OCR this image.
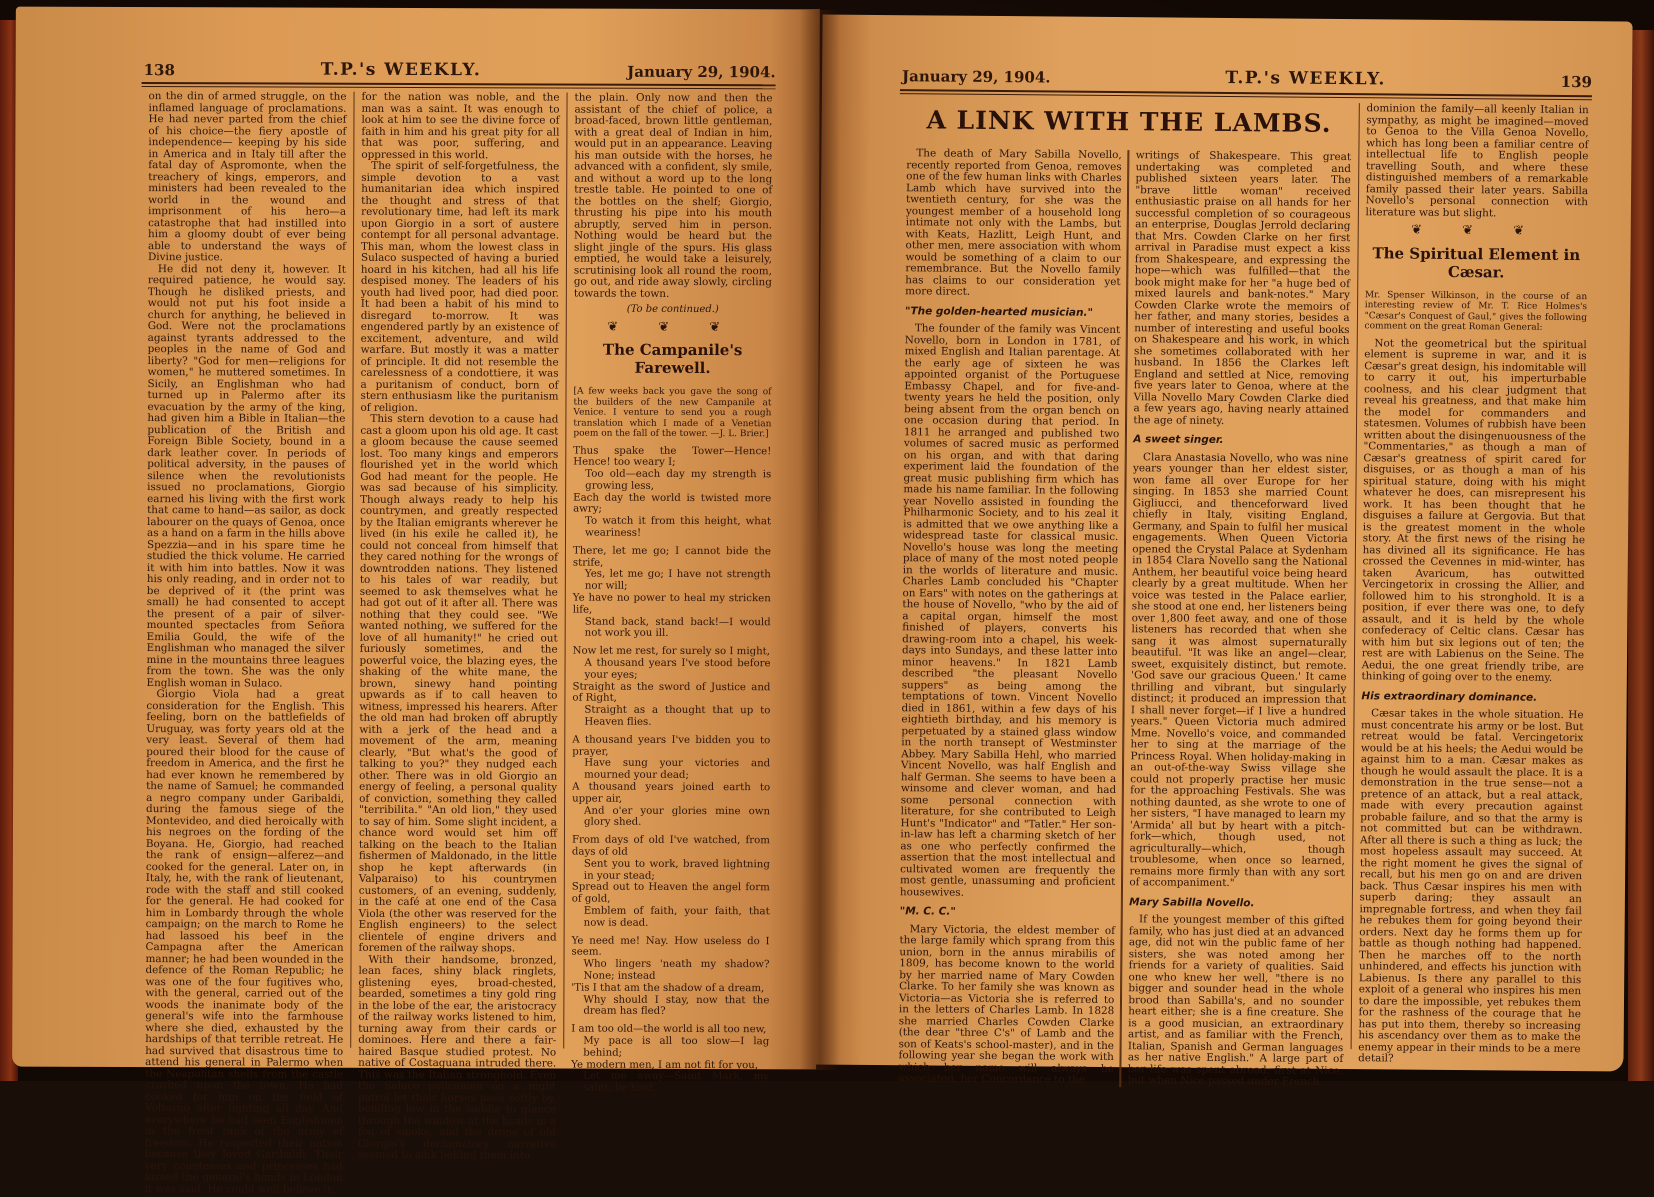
138	T.P.'s WEEKLY.	January 29, 1904.

on the din of armed struggle, on the inflamed language of proclamations. He had never parted from the chief of his choice—the fiery apostle of independence— keeping by his side in America and in Italy till after the fatal day of Aspromonte, when the treachery of kings, emperors, and ministers had been revealed to the world in the wound and imprisonment of his hero—a catastrophe that had instilled into him a gloomy doubt of ever being able to understand the ways of Divine justice.

He did not deny it, however. It required patience, he would say. Though he disliked priests, and would not put his foot inside a church for anything, he believed in God. Were not the proclamations against tyrants addressed to the peoples in the name of God and liberty? "God for men—religions for women," he muttered sometimes. In Sicily, an Englishman who had turned up in Palermo after its evacuation by the army of the king, had given him a Bible in Italian—the publication of the British and Foreign Bible Society, bound in a dark leather cover. In periods of political adversity, in the pauses of silence when the revolutionists issued no proclamations, Giorgio earned his living with the first work that came to hand—as sailor, as dock labourer on the quays of Genoa, once as a hand on a farm in the hills above Spezzia—and in his spare time he studied the thick volume. He carried it with him into battles. Now it was his only reading, and in order not to be deprived of it (the print was small) he had consented to accept the present of a pair of silver-mounted spectacles from Señora Emilia Gould, the wife of the Englishman who managed the silver mine in the mountains three leagues from the town. She was the only English woman in Sulaco.

Giorgio Viola had a great consideration for the English. This feeling, born on the battlefields of Uruguay, was forty years old at the very least. Several of them had poured their blood for the cause of freedom in America, and the first he had ever known he remembered by the name of Samuel; he commanded a negro company under Garibaldi, during the famous siege of the Montevideo, and died heroically with his negroes on the fording of the Boyana. He, Giorgio, had reached the rank of ensign—alferez—and cooked for the general. Later on, in Italy, he, with the rank of lieutenant, rode with the staff and still cooked for the general. He had cooked for him in Lombardy through the whole campaign; on the march to Rome he had lassoed his beef in the Campagna after the American manner; he had been wounded in the defence of the Roman Republic; he was one of the four fugitives who, with the general, carried out of the woods the inanimate body of the general's wife into the farmhouse where she died, exhausted by the hardships of that terrible retreat. He had survived that disastrous time to attend his general in Palermo when the Neapolitan shells from the castle crashed upon the town. He had cooked for him on the field of Volturno after fighting all day. And everywhere he had seen Englishmen in the front rank of the army of freedom. He respected their nation because they loved Garibaldi. Their very countesses and princesses had kissed the general's hands in London it was said. He could well believe it;

for the nation was noble, and the man was a saint. It was enough to look at him to see the divine force of faith in him and his great pity for all that was poor, suffering, and oppressed in this world.

The spirit of self-forgetfulness, the simple devotion to a vast humanitarian idea which inspired the thought and stress of that revolutionary time, had left its mark upon Giorgio in a sort of austere contempt for all personal advantage. This man, whom the lowest class in Sulaco suspected of having a buried hoard in his kitchen, had all his life despised money. The leaders of his youth had lived poor, had died poor. It had been a habit of his mind to disregard to-morrow. It was engendered partly by an existence of excitement, adventure, and wild warfare. But mostly it was a matter of principle. It did not resemble the carelessness of a condottiere, it was a puritanism of conduct, born of stern enthusiasm like the puritanism of religion.

This stern devotion to a cause had cast a gloom upon his old age. It cast a gloom because the cause seemed lost. Too many kings and emperors flourished yet in the world which God had meant for the people. He was sad because of his simplicity. Though always ready to help his countrymen, and greatly respected by the Italian emigrants wherever he lived (in his exile he called it), he could not conceal from himself that they cared nothing for the wrongs of downtrodden nations. They listened to his tales of war readily, but seemed to ask themselves what he had got out of it after all. There was nothing that they could see. "We wanted nothing, we suffered for the love of all humanity!" he cried out furiously sometimes, and the powerful voice, the blazing eyes, the shaking of the white mane, the brown, sinewy hand pointing upwards as if to call heaven to witness, impressed his hearers. After the old man had broken off abruptly with a jerk of the head and a movement of the arm, meaning clearly, "But what's the good of talking to you?" they nudged each other. There was in old Giorgio an energy of feeling, a personal quality of conviction, something they called "terribilita." "An old lion," they used to say of him. Some slight incident, a chance word would set him off talking on the beach to the Italian fishermen of Maldonado, in the little shop he kept afterwards (in Valparaiso) to his countrymen customers, of an evening, suddenly, in the café at one end of the Casa Viola (the other was reserved for the English engineers) to the select clientele of engine drivers and foremen of the railway shops.

With their handsome, bronzed, lean faces, shiny black ringlets, glistening eyes, broad-chested, bearded, sometimes a tiny gold ring in the lobe of the ear, the aristocracy of the railway works listened to him, turning away from their cards or dominoes. Here and there a fair-haired Basque studied protest. No native of Costaguana intruded there. This was the Italian stronghold. Even the Sulaco policemen on a night patrol let their horses pace softly by, bending low in the saddle to glance through the window at the heads in a fog of smoke; and the drone of old Giorgio's declamatory narrative seemed to sink behind them into

the plain. Only now and then the assistant of the chief of police, a broad-faced, brown little gentleman, with a great deal of Indian in him, would put in an appearance. Leaving his man outside with the horses, he advanced with a confident, sly smile, and without a word up to the long trestle table. He pointed to one of the bottles on the shelf; Giorgio, thrusting his pipe into his mouth abruptly, served him in person. Nothing would be heard but the slight jingle of the spurs. His glass emptied, he would take a leisurely, scrutinising look all round the room, go out, and ride away slowly, circling towards the town.

(To be continued.)
❦ ❦ ❦
The Campanile's Farewell.

[A few weeks back you gave the song of the builders of the new Campanile at Venice. I venture to send you a rough translation which I made of a Venetian poem on the fall of the tower. —J. L. Brier.]

Thus spake the Tower—Hence! Hence! too weary I;
Too old—each day my strength is growing less,
Each day the world is twisted more awry;
To watch it from this height, what weariness!
There, let me go; I cannot bide the strife,
Yes, let me go; I have not strength nor will;
Ye have no power to heal my stricken life,
Stand back, stand back!—I would not work you ill.
Now let me rest, for surely so I might,
A thousand years I've stood before your eyes;
Straight as the sword of Justice and of Right,
Straight as a thought that up to Heaven flies.
A thousand years I've bidden you to prayer,
Have sung your victories and mourned your dead;
A thousand years joined earth to upper air,
And o'er your glories mine own glory shed.
From days of old I've watched, from days of old
Sent you to work, braved lightning in your stead;
Spread out to Heaven the angel form of gold,
Emblem of faith, your faith, that now is dead.
Ye need me! Nay. How useless do I seem.
Who lingers 'neath my shadow? None; instead
'Tis I that am the shadow of a dream,
Why should I stay, now that the dream has fled?
I am too old—the world is all too new,
My pace is all too slow—I lag behind;
Ye modern men, I am not fit for you,
Let me away—Saint Mark, my saint, be kind.
January 29, 1904.	T.P.'s WEEKLY.	139
A LINK WITH THE LAMBS.

The death of Mary Sabilla Novello, recently reported from Genoa, removes one of the few human links with Charles Lamb which have survived into the twentieth century, for she was the youngest member of a household long intimate not only with the Lambs, but with Keats, Hazlitt, Leigh Hunt, and other men, mere association with whom would be something of a claim to our remembrance. But the Novello family has claims to our consideration yet more direct.

"The golden-hearted musician."

The founder of the family was Vincent Novello, born in London in 1781, of mixed English and Italian parentage. At the early age of sixteen he was appointed organist of the Portuguese Embassy Chapel, and for five-and-twenty years he held the position, only being absent from the organ bench on one occasion during that period. In 1811 he arranged and published two volumes of sacred music as performed on his organ, and with that daring experiment laid the foundation of the great music publishing firm which has made his name familiar. In the following year Novello assisted in founding the Philharmonic Society, and to his zeal it is admitted that we owe anything like a widespread taste for classical music. Novello's house was long the meeting place of many of the most noted people in the worlds of literature and music. Charles Lamb concluded his "Chapter on Ears" with notes on the gatherings at the house of Novello, "who by the aid of a capital organ, himself the most finished of players, converts his drawing-room into a chapel, his week-days into Sundays, and these latter into minor heavens." In 1821 Lamb described "the pleasant Novello suppers" as being among the temptations of town. Vincent Novello died in 1861, within a few days of his eightieth birthday, and his memory is perpetuated by a stained glass window in the north transept of Westminster Abbey. Mary Sabilla Hehl, who married Vincent Novello, was half English and half German. She seems to have been a winsome and clever woman, and had some personal connection with literature, for she contributed to Leigh Hunt's "Indicator" and "Tatler." Her son-in-law has left a charming sketch of her as one who perfectly confirmed the assertion that the most intellectual and cultivated women are frequently the most gentle, unassuming and proficient housewives.

"M. C. C."

Mary Victoria, the eldest member of the large family which sprang from this union, born in the annus mirabilis of 1809, has become known to the world by her married name of Mary Cowden Clarke. To her family she was known as Victoria—as Victoria she is referred to in the letters of Charles Lamb. In 1828 she married Charles Cowden Clarke (the dear "three C's" of Lamb and the son of Keats's school-master), and in the following year she began the work with which her name will always be associated, her Concordance to the

writings of Shakespeare. This great undertaking was completed and published sixteen years later. The "brave little woman" received enthusiastic praise on all hands for her successful completion of so courageous an enterprise, Douglas Jerrold declaring that Mrs. Cowden Clarke on her first arrival in Paradise must expect a kiss from Shakespeare, and expressing the hope—which was fulfilled—that the book might make for her "a huge bed of mixed laurels and bank-notes." Mary Cowden Clarke wrote the memoirs of her father, and many stories, besides a number of interesting and useful books on Shakespeare and his work, in which she sometimes collaborated with her husband. In 1856 the Clarkes left England and settled at Nice, removing five years later to Genoa, where at the Villa Novello Mary Cowden Clarke died a few years ago, having nearly attained the age of ninety.

A sweet singer.

Clara Anastasia Novello, who was nine years younger than her eldest sister, won fame all over Europe for her singing. In 1853 she married Count Gigliucci, and thenceforward lived chiefly in Italy, visiting England, Germany, and Spain to fulfil her musical engagements. When Queen Victoria opened the Crystal Palace at Sydenham in 1854 Clara Novello sang the National Anthem, her beautiful voice being heard clearly by a great multitude. When her voice was tested in the Palace earlier, she stood at one end, her listeners being over 1,800 feet away, and one of those listeners has recorded that when she sang it was almost supernaturally beautiful. "It was like an angel—clear, sweet, exquisitely distinct, but remote. 'God save our gracious Queen.' It came thrilling and vibrant, but singularly distinct; it produced an impression that I shall never forget—if I live a hundred years." Queen Victoria much admired Mme. Novello's voice, and commanded her to sing at the marriage of the Princess Royal. When holiday-making in an out-of-the-way Swiss village she could not properly practise her music for the approaching Festivals. She was nothing daunted, as she wrote to one of her sisters, "I have managed to learn my 'Armida' all but by heart with a pitch-fork—which, though used, not agriculturally—which, though troublesome, when once so learned, remains more firmly than with any sort of accompaniment."

Mary Sabilla Novello.

If the youngest member of this gifted family, who has just died at an advanced age, did not win the public fame of her sisters, she was noted among her friends for a variety of qualities. Said one who knew her well, "there is no bigger and sounder head in the whole brood than Sabilla's, and no sounder heart either; she is a fine creature. She is a good musician, an extraordinary artist, and as familiar with the French, Italian, Spanish and German languages as her native English." A large part of her life was spent abroad, first at Nice; but when Nice passed under French

dominion the family—all keenly Italian in sympathy, as might be imagined—moved to Genoa to the Villa Genoa Novello, which has long been a familiar centre of intellectual life to English people travelling South, and where these distinguished members of a remarkable family passed their later years. Sabilla Novello's personal connection with literature was but slight.

❦ ❦ ❦
The Spiritual Element in Cæsar.

Mr. Spenser Wilkinson, in the course of an interesting review of Mr. T. Rice Holmes's "Cæsar's Conquest of Gaul," gives the following comment on the great Roman General:

Not the geometrical but the spiritual element is supreme in war, and it is Cæsar's great design, his indomitable will to carry it out, his imperturbable coolness, and his clear judgment that reveal his greatness, and that make him the model for commanders and statesmen. Volumes of rubbish have been written about the disingenuousness of the "Commentaries," as though a man of Cæsar's greatness of spirit cared for disguises, or as though a man of his spiritual stature, doing with his might whatever he does, can misrepresent his work. It has been thought that he disguises a failure at Gergovia. But that is the greatest moment in the whole story. At the first news of the rising he has divined all its significance. He has crossed the Cevennes in mid-winter, has taken Avaricum, has outwitted Vercingetorix in crossing the Allier, and followed him to his stronghold. It is a position, if ever there was one, to defy assault, and it is held by the whole confederacy of Celtic clans. Cæsar has with him but six legions out of ten; the rest are with Labienus on the Seine. The Aedui, the one great friendly tribe, are thinking of going over to the enemy.

His extraordinary dominance.

Cæsar takes in the whole situation. He must concentrate his army or be lost. But retreat would be fatal. Vercingetorix would be at his heels; the Aedui would be against him to a man. Cæsar makes as though he would assault the place. It is a demonstration in the true sense—not a pretence of an attack, but a real attack, made with every precaution against probable failure, and so that the army is not committed but can be withdrawn. After all there is such a thing as luck; the most hopeless assault may succeed. At the right moment he gives the signal of recall, but his men go on and are driven back. Thus Cæsar inspires his men with superb daring; they assault an impregnable fortress, and when they fail he rebukes them for going beyond their orders. Next day he forms them up for battle as though nothing had happened. Then he marches off to the north unhindered, and effects his junction with Labienus. Is there any parallel to this exploit of a general who inspires his men to dare the impossible, yet rebukes them for the rashness of the courage that he has put into them, thereby so increasing his ascendancy over them as to make the enemy appear in their minds to be a mere detail?
